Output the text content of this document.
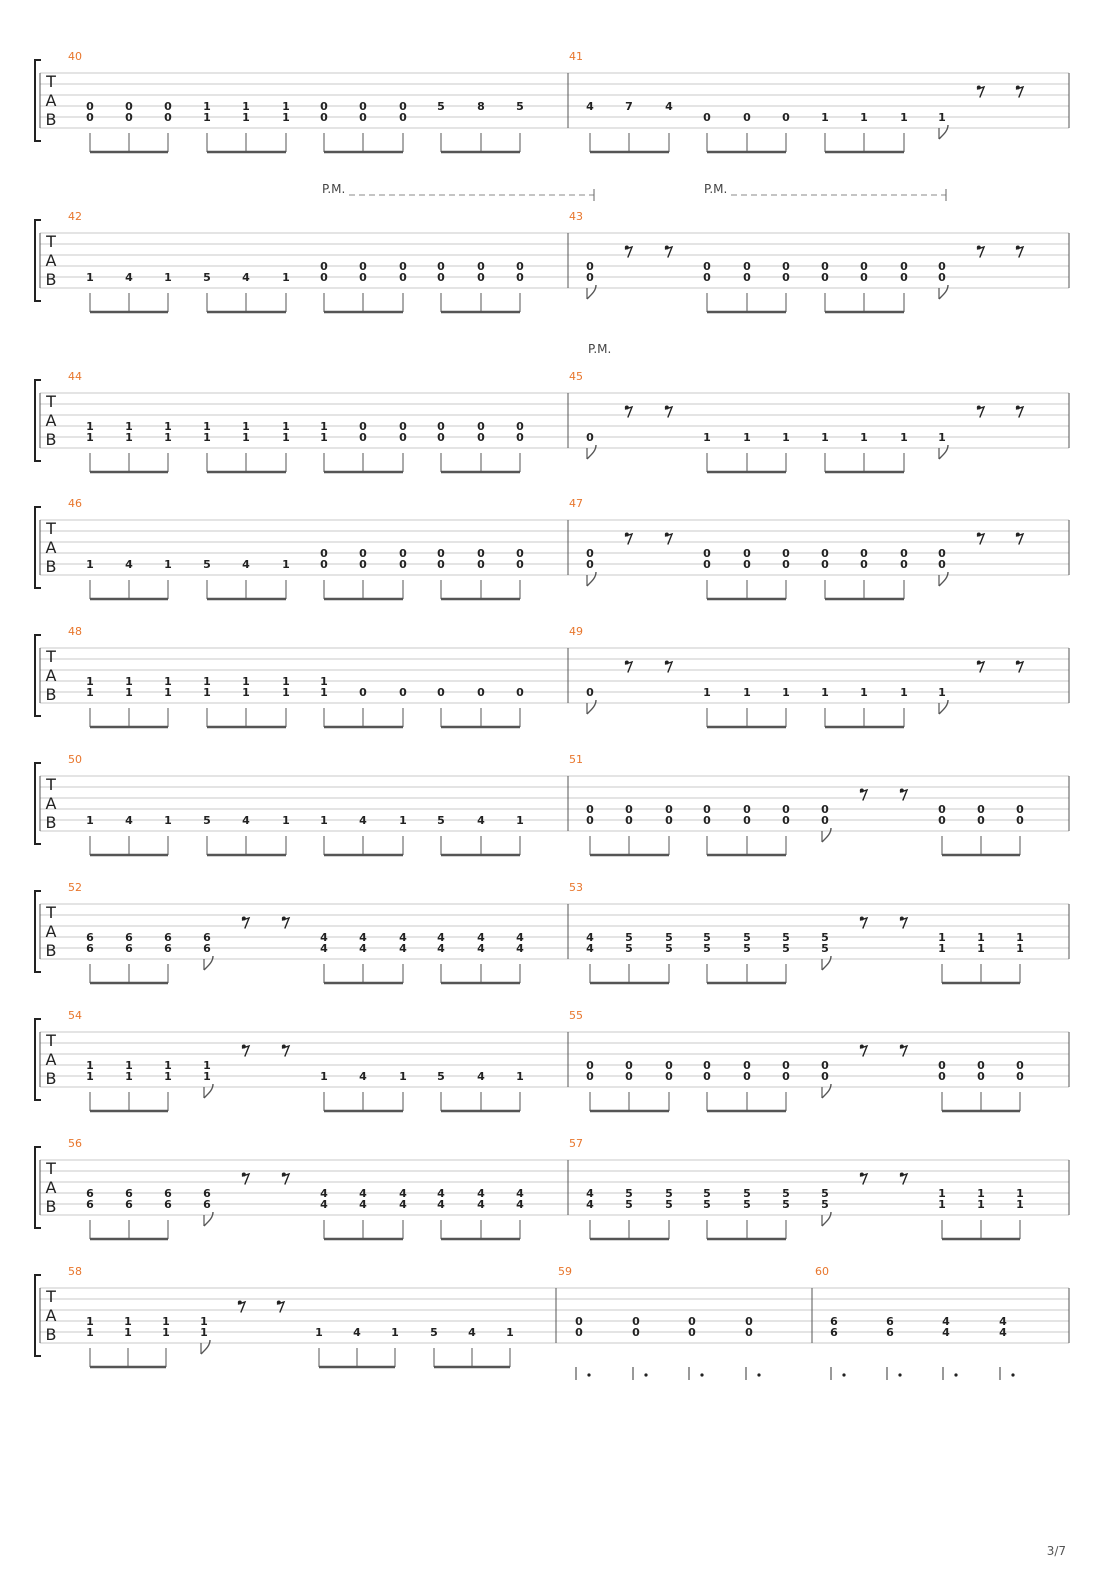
T
A
B
40
0
0
0
0
0
0
1
1
1
1
1
1
0
0
0
0
0
0
5	8	5
41
4	7	4
0	0	0	1	1	1	1
T
A
B
P.M.	P.M.
42
1	4	1	5	4	1
0
0
0
0
0
0
0
0
0
0
0
0
43
0
0
0
0
0
0
0
0
0
0
0
0
0
0
0
0
T
A
B
P.M.
44
1
1
1
1
1
1
1
1
1
1
1
1
1
1
0
0
0
0
0
0
0
0
0
0
45
0	1	1	1	1	1	1	1
T
A
B
46
1	4	1	5	4	1
0
0
0
0
0
0
0
0
0
0
0
0
47
0
0
0
0
0
0
0
0
0
0
0
0
0
0
0
0
T
A
B
48
1
1
1
1
1
1
1
1
1
1
1
1
1
1	0	0	0	0	0
49
0	1	1	1	1	1	1	1
T
A
B
50
1	4	1	5	4	1	1	4	1	5	4	1
51
0
0
0
0
0
0
0
0
0
0
0
0
0
0
0
0
0
0
0
0
T
A
B
52
6
6
6
6
6
6
6
6
4
4
4
4
4
4
4
4
4
4
4
4
53
4
4
5
5
5
5
5
5
5
5
5
5
5
5
1
1
1
1
1
1
T
A
B
54
1
1
1
1
1
1
1
1	1	4	1	5	4	1
55
0
0
0
0
0
0
0
0
0
0
0
0
0
0
0
0
0
0
0
0
T
A
B
56
6
6
6
6
6
6
6
6
4
4
4
4
4
4
4
4
4
4
4
4
57
4
4
5
5
5
5
5
5
5
5
5
5
5
5
1
1
1
1
1
1
T
A
B
58
1
1
1
1
1
1
1
1	1	4	1	5	4	1
59
0
0
0
0
0
0
0
0
60
6
6
6
6
4
4
4
4
3/7
